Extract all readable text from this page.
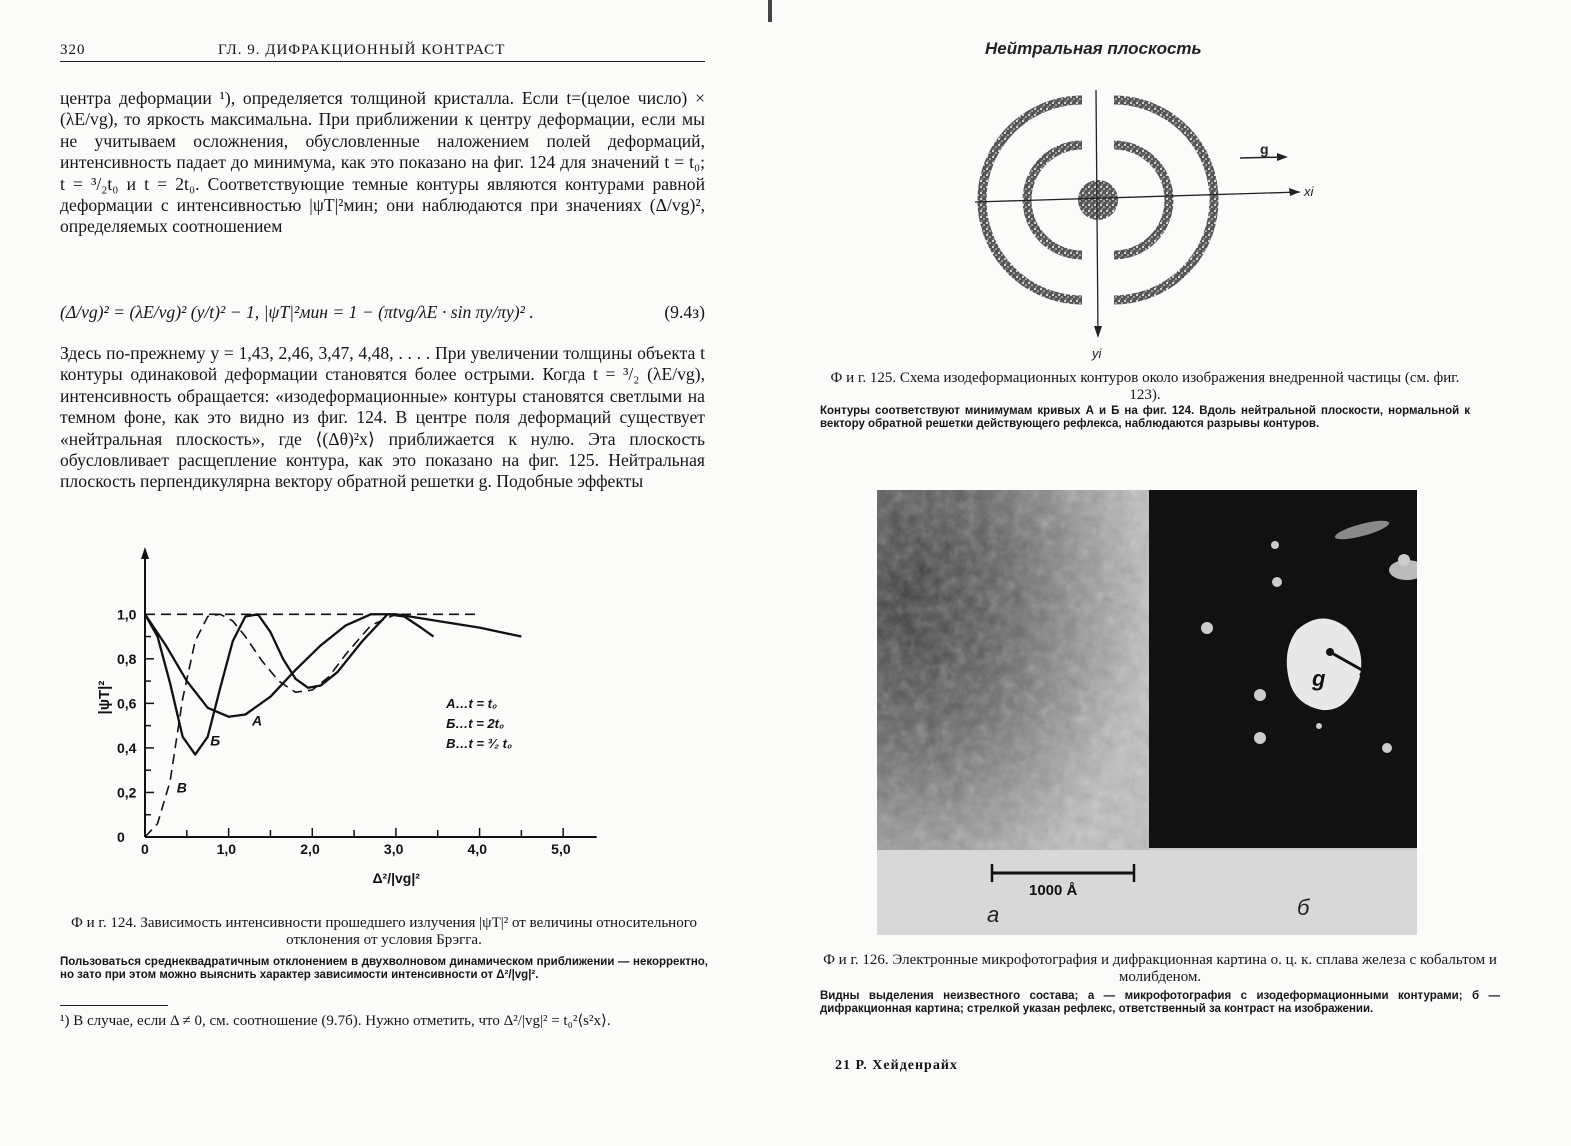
320	ГЛ. 9. ДИФРАКЦИОННЫЙ КОНТРАСТ

центра деформации ¹), определяется толщиной кристалла. Если t=(целое число) × (λE/vg), то яркость максимальна. При приближении к центру деформации, если мы не учитываем осложнения, обусловленные наложением полей деформаций, интенсивность падает до минимума, как это показано на фиг. 124 для значений t = t₀; t = ³/₂t₀ и t = 2t₀. Соответствующие темные контуры являются контурами равной деформации с интенсивностью |ψT|²мин; они наблюдаются при значениях (Δ/vg)², определяемых соотношением
(Δ/vg)² = (λE/vg)² (y/t)² − 1, |ψT|²мин = 1 − (πtvg/λE · sin πy/πy)² .	(9.4з)
Здесь по-прежнему y = 1,43, 2,46, 3,47, 4,48, . . . . При увеличении толщины объекта t контуры одинаковой деформации становятся более острыми. Когда t = ³/₂ (λE/vg), интенсивность обращается: «изодеформационные» контуры становятся светлыми на темном фоне, как это видно из фиг. 124. В центре поля деформаций существует «нейтральная плоскость», где ⟨(Δθ)²x⟩ приближается к нулю. Эта плоскость обусловливает расщепление контура, как это показано на фиг. 125. Нейтральная плоскость перпендикулярна вектору обратной решетки g. Подобные эффекты
0	1,0	2,0	3,0	4,0	5,0
0
0,2
0,4
0,6
0,8
1,0
A
Б
В
A…t = t₀
Б…t = 2t₀
В…t = ³⁄₂ t₀
|ψT|²
Δ²/|vg|²
Ф и г. 124. Зависимость интенсивности прошедшего излучения |ψT|² от величины относительного отклонения от условия Брэгга.
Пользоваться среднеквадратичным отклонением в двухволновом динамическом приближении — некорректно, но зато при этом можно выяснить характер зависимости интенсивности от Δ²/|vg|².
¹) В случае, если Δ ≠ 0, см. соотношение (9.7б). Нужно отметить, что Δ²/|vg|² = t₀²⟨s²x⟩.
Нейтральная плоскость
xi
yi
g
Ф и г. 125. Схема изодеформационных контуров около изображения внедренной частицы (см. фиг. 123).
Контуры соответствуют минимумам кривых А и Б на фиг. 124. Вдоль нейтральной плоскости, нормальной к вектору обратной решетки действующего рефлекса, наблюдаются разрывы контуров.
21 Р. Хейденрайх
g
1000 Å
а	б
Ф и г. 126. Электронные микрофотография и дифракционная картина о. ц. к. сплава железа с кобальтом и молибденом.
Видны выделения неизвестного состава; а — микрофотография с изодеформационными контурами; б — дифракционная картина; стрелкой указан рефлекс, ответственный за контраст на изображении.
